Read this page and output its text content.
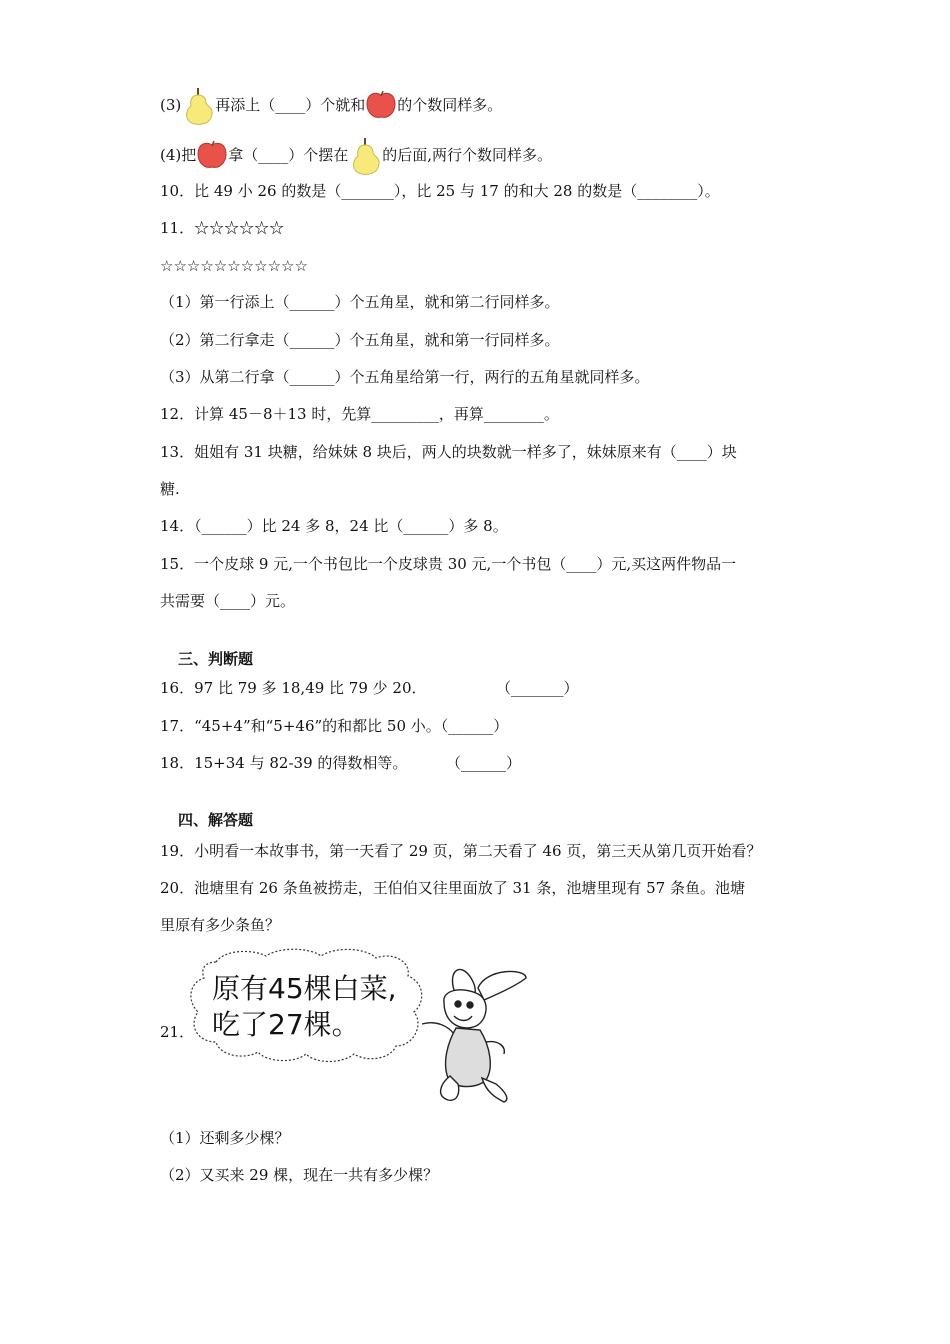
(3) 再添上（____）个就和 的个数同样多。
(4)把 拿（____）个摆在 的后面,两行个数同样多。
10．比 49 小 26 的数是（_______），比 25 与 17 的和大 28 的数是（________）。
11．☆☆☆☆☆☆
☆☆☆☆☆☆☆☆☆☆☆
（1）第一行添上（______）个五角星，就和第二行同样多。
（2）第二行拿走（______）个五角星，就和第一行同样多。
（3）从第二行拿（______）个五角星给第一行，两行的五角星就同样多。
12．计算 45－8＋13 时，先算_________，再算________。
13．姐姐有 31 块糖，给妹妹 8 块后，两人的块数就一样多了，妹妹原来有（____）块
糖.
14．（______）比 24 多 8，24 比（______）多 8。
15．一个皮球 9 元,一个书包比一个皮球贵 30 元,一个书包（____）元,买这两件物品一
共需要（____）元。
三、判断题
16．97 比 79 多 18,49 比 79 少 20．	（_______）
17．“45+4”和“5+46”的和都比 50 小。（______）
18．15+34 与 82-39 的得数相等。	（______）
四、解答题
19．小明看一本故事书，第一天看了 29 页，第二天看了 46 页，第三天从第几页开始看？
20．池塘里有 26 条鱼被捞走，王伯伯又往里面放了 31 条，池塘里现有 57 条鱼。池塘
里原有多少条鱼？
21．
原有45棵白菜,
吃了27棵。
（1）还剩多少棵？
（2）又买来 29 棵，现在一共有多少棵？
